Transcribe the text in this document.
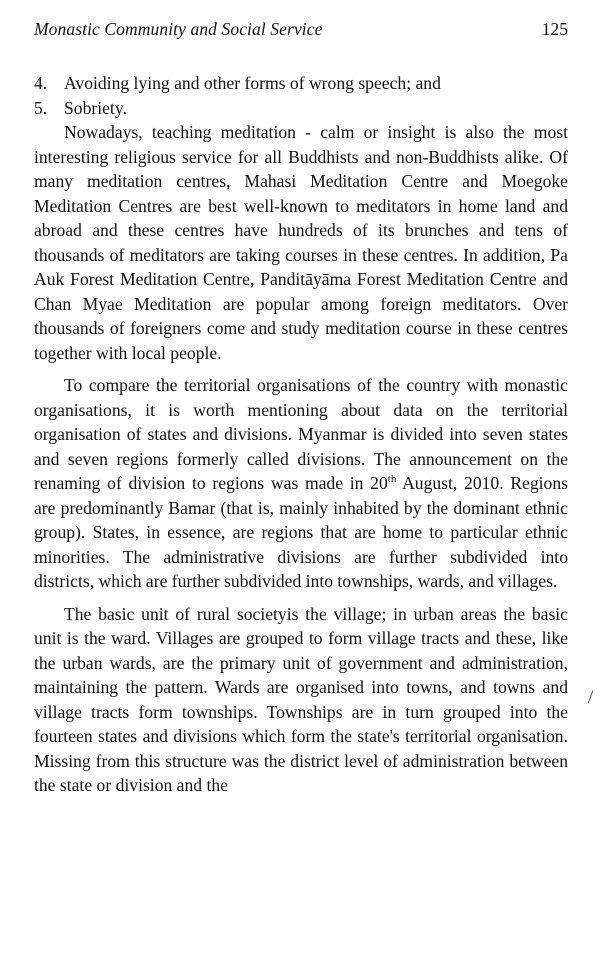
Monastic Community and Social Service	125

4. Avoiding lying and other forms of wrong speech; and

5. Sobriety.

Nowadays, teaching meditation - calm or insight is also the most interesting religious service for all Buddhists and non-Buddhists alike. Of many meditation centres, Mahasi Meditation Centre and Moegoke Meditation Centres are best well-known to meditators in home land and abroad and these centres have hundreds of its brunches and tens of thousands of meditators are taking courses in these centres. In addition, Pa Auk Forest Meditation Centre, Panditāyāma Forest Meditation Centre and Chan Myae Meditation are popular among foreign meditators. Over thousands of foreigners come and study meditation course in these centres together with local people.

To compare the territorial organisations of the country with monastic organisations, it is worth mentioning about data on the territorial organisation of states and divisions. Myanmar is divided into seven states and seven regions formerly called divisions. The announcement on the renaming of division to regions was made in 20th August, 2010. Regions are predominantly Bamar (that is, mainly inhabited by the dominant ethnic group). States, in essence, are regions that are home to particular ethnic minorities. The administrative divisions are further subdivided into districts, which are further subdivided into townships, wards, and villages.

The basic unit of rural societyis the village; in urban areas the basic unit is the ward. Villages are grouped to form village tracts and these, like the urban wards, are the primary unit of government and administration, maintaining the pattern. Wards are organised into towns, and towns and village tracts form townships. Townships are in turn grouped into the fourteen states and divisions which form the state's territorial organisation. Missing from this structure was the district level of administration between the state or division and the
